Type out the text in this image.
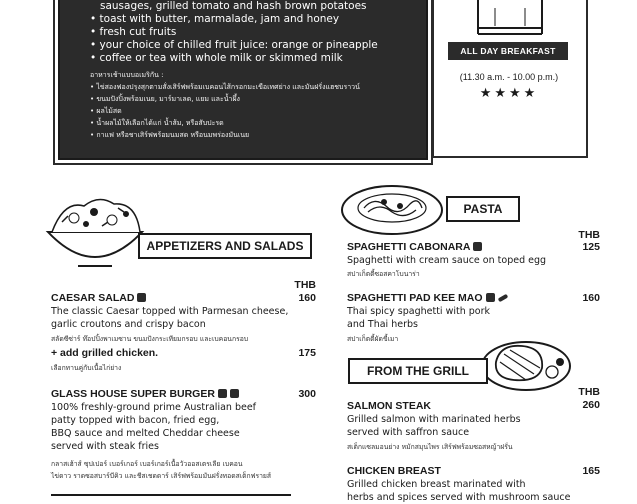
sausages, grilled tomato and hash brown potatoes
• toast with butter, marmalade, jam and honey
• fresh cut fruits
• your choice of chilled fruit juice: orange or pineapple
• coffee or tea with whole milk or skimmed milk
อาหารเช้าแบบอเมริกัน :
• ไข่สองฟองปรุงสุกตามสั่งเสิร์ฟพร้อมเบคอนไส้กรอกมะเขือเทศย่าง และมันฝรั่งแฮชบราวน์
• ขนมปังปิ้งพร้อมเนย, มาร์มาเลด, แยม และน้ำผึ้ง
• ผลไม้สด
• น้ำผลไม้ให้เลือกได้แก่ น้ำส้ม, หรือสับปะรด
• กาแฟ หรือชาเสิร์ฟพร้อมนมสด หรือนมพร่องมันเนย
ALL DAY BREAKFAST
(11.30 a.m. - 10.00 p.m.)
★★★★
APPETIZERS AND SALADS
THB
CAESAR SALAD	160
The classic Caesar topped with Parmesan cheese,
garlic croutons and crispy bacon
สลัดซีซ่าร์ ท๊อปปิ้งพาเมซาน ขนมปังกระเทียมกรอบ และเบคอนกรอบ
+ add grilled chicken.	175
เลือกทานคู่กับเนื้อไก่ย่าง
GLASS HOUSE SUPER BURGER	300
100% freshly-ground prime Australian beef
patty topped with bacon, fried egg,
BBQ sauce and melted Cheddar cheese
served with steak fries
กลาสเฮ้าส์ ซุปเปอร์ เบอร์เกอร์ เบอร์เกอร์เนื้อวัวออสเตรเลีย เบคอน
ไข่ดาว ราดซอสบาร์บีคิว และชีสเชดดาร์ เสิร์ฟพร้อมมันฝรั่งทอดสเต็กฟรายส์
PASTA
THB
SPAGHETTI CABONARA	125
Spaghetti with cream sauce on toped egg
สปาเก็ตตี้ซอสคาโบนาร่า
SPAGHETTI PAD KEE MAO	160
Thai spicy spaghetti with pork
and Thai herbs
สปาเก็ตตี้ผัดขี้เมา
FROM THE GRILL
THB
SALMON STEAK	260
Grilled salmon with marinated herbs
served with saffron sauce
สเต็กแซลมอนย่าง หมักสมุนไพร เสิร์ฟพร้อมซอสหญ้าฝรั่น
CHICKEN BREAST	165
Grilled chicken breast marinated with
herbs and spices served with mushroom sauce
